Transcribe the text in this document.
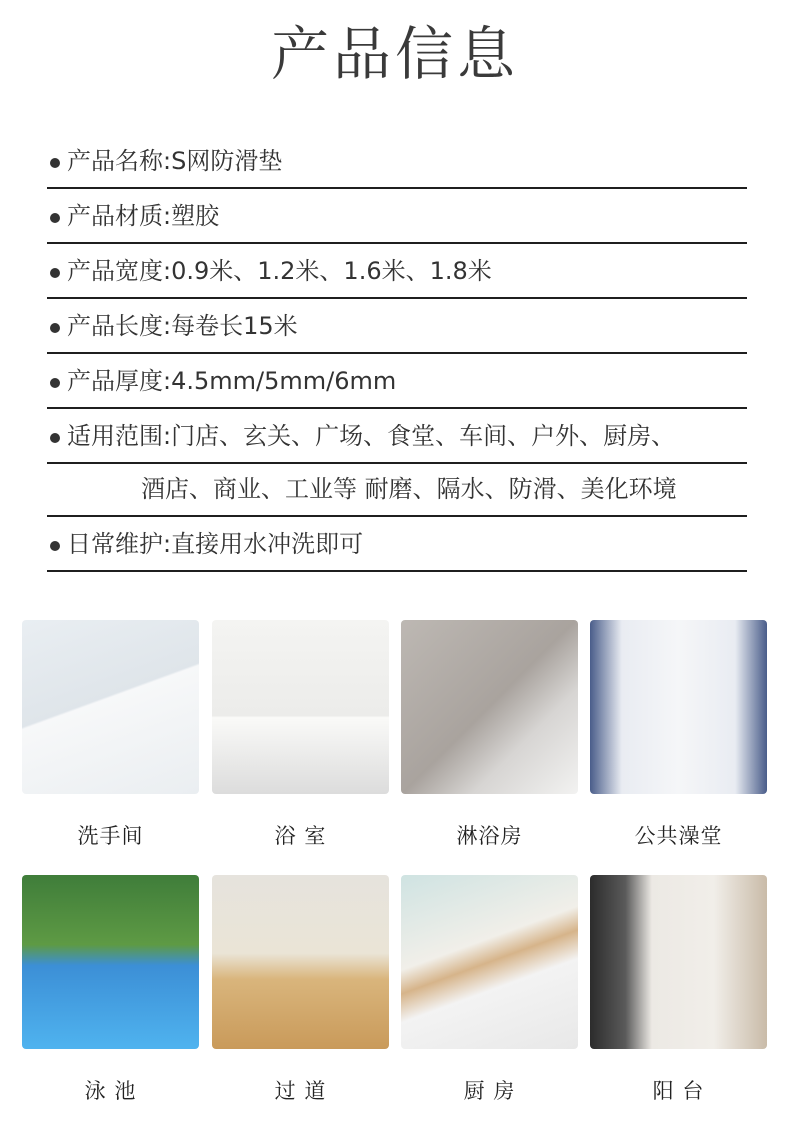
产品信息
产品名称:S网防滑垫
产品材质:塑胶
产品宽度:0.9米、1.2米、1.6米、1.8米
产品长度:每卷长15米
产品厚度:4.5mm/5mm/6mm
适用范围:门店、玄关、广场、食堂、车间、户外、厨房、
酒店、商业、工业等 耐磨、隔水、防滑、美化环境
日常维护:直接用水冲洗即可
洗手间	浴 室	淋浴房	公共澡堂
泳 池	过 道	厨 房	阳 台
